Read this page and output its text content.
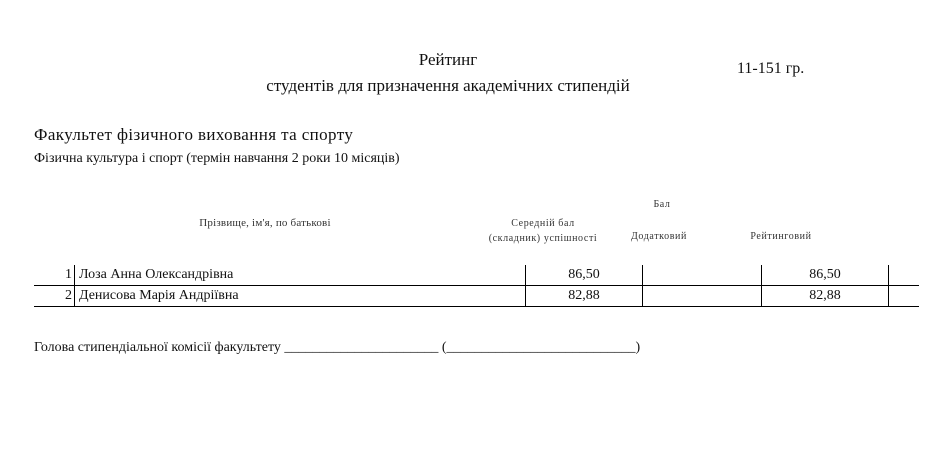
Рейтинг
студентів для призначення академічних стипендій
11-151 гр.
Факультет фізичного виховання та спорту
Фізична культура і спорт (термін навчання 2 роки 10 місяців)
Прізвище, ім'я, по батькові
Бал
Середній бал (складник) успішності	Додатковий	Рейтинговий
1	Лоза Анна Олександрівна	86,50		86,50	
2	Денисова Марія Андріївна	82,88		82,88	
Голова стипендіальної комісії факультету ______________________ (___________________________)
